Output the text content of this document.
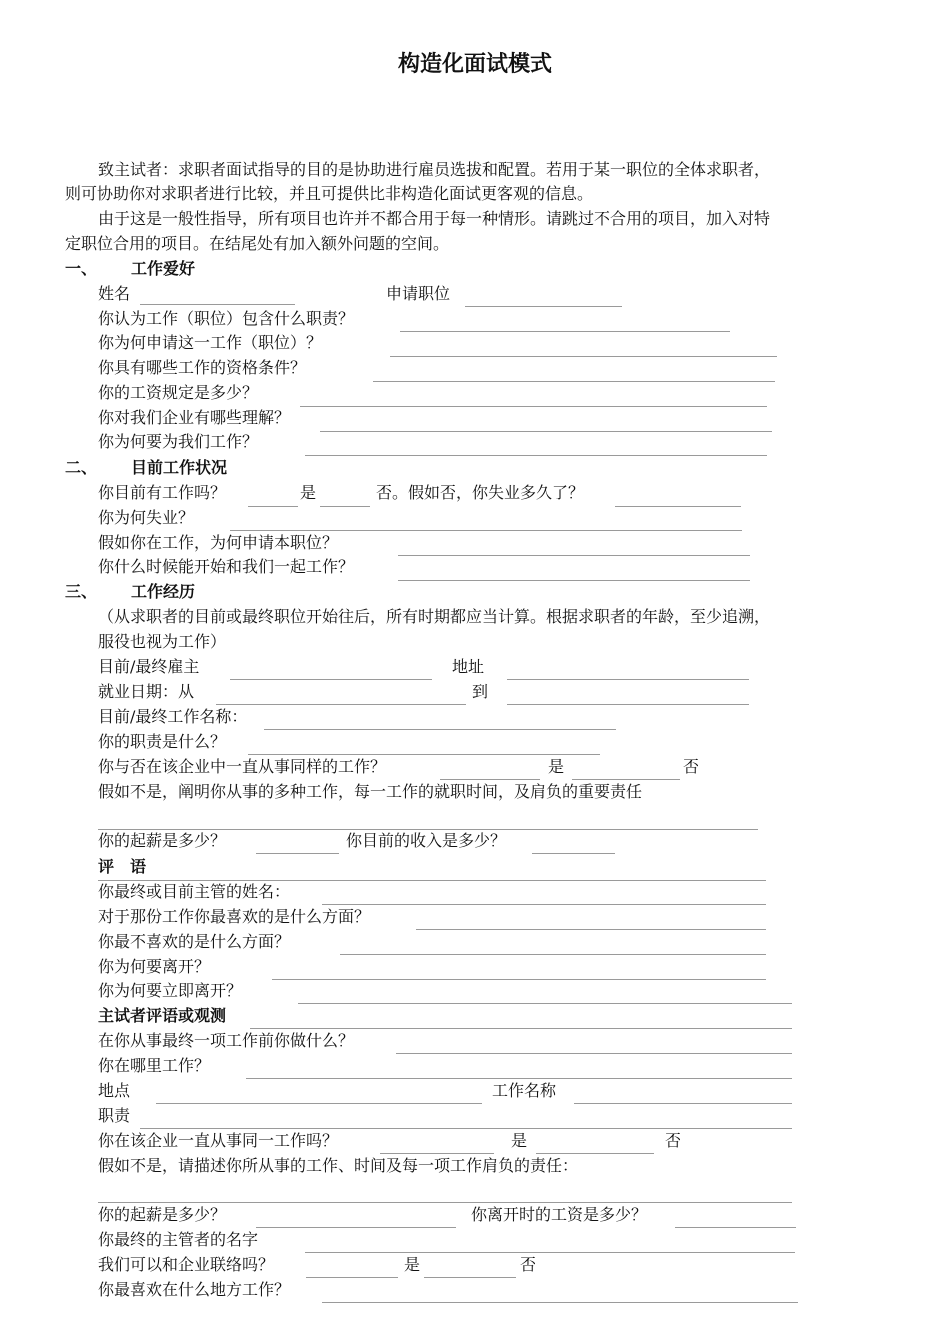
构造化面试模式
致主试者：求职者面试指导的目的是协助进行雇员选拔和配置。若用于某一职位的全体求职者，
则可协助你对求职者进行比较，并且可提供比非构造化面试更客观的信息。
由于这是一般性指导，所有项目也许并不都合用于每一种情形。请跳过不合用的项目，加入对特
定职位合用的项目。在结尾处有加入额外问题的空间。
一、 工作爱好
姓名	申请职位
你认为工作（职位）包含什么职责？
你为何申请这一工作（职位）？
你具有哪些工作的资格条件？
你的工资规定是多少？
你对我们企业有哪些理解？
你为何要为我们工作？
二、 目前工作状况
你目前有工作吗？	是	否。假如否，你失业多久了？
你为何失业？
假如你在工作，为何申请本职位？
你什么时候能开始和我们一起工作？
三、 工作经历
（从求职者的目前或最终职位开始往后，所有时期都应当计算。根据求职者的年龄，至少追溯，
服役也视为工作）
目前/最终雇主	地址
就业日期：从	到
目前/最终工作名称：
你的职责是什么？
你与否在该企业中一直从事同样的工作？	是	否
假如不是，阐明你从事的多种工作，每一工作的就职时间，及肩负的重要责任
你的起薪是多少？	你目前的收入是多少？
评　语
你最终或目前主管的姓名：
对于那份工作你最喜欢的是什么方面？
你最不喜欢的是什么方面？
你为何要离开？
你为何要立即离开？
主试者评语或观测
在你从事最终一项工作前你做什么？
你在哪里工作？
地点	工作名称
职责
你在该企业一直从事同一工作吗？	是	否
假如不是，请描述你所从事的工作、时间及每一项工作肩负的责任：
你的起薪是多少？	你离开时的工资是多少？
你最终的主管者的名字
我们可以和企业联络吗？	是	否
你最喜欢在什么地方工作？
